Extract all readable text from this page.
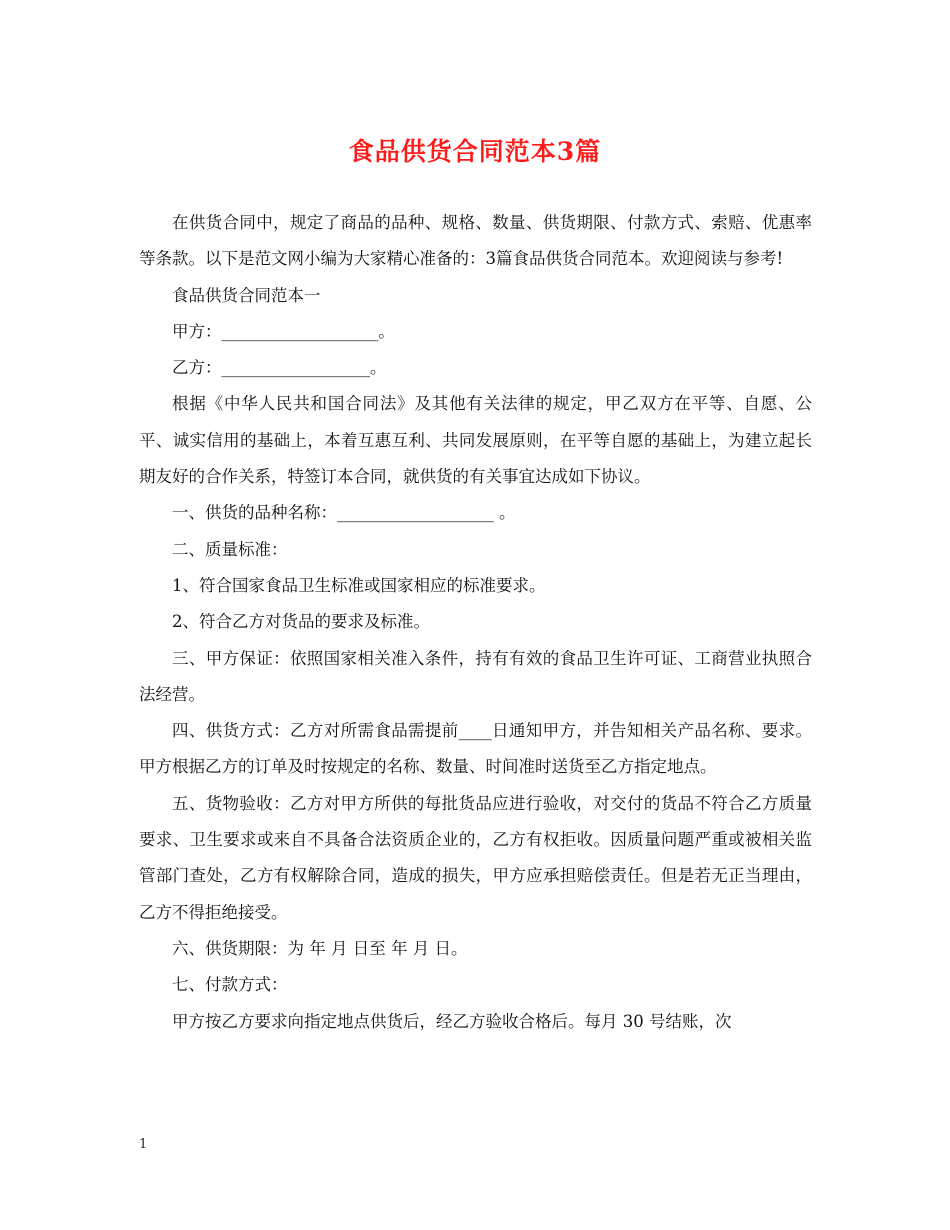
食品供货合同范本3篇

在供货合同中，规定了商品的品种、规格、数量、供货期限、付款方式、索赔、优惠率等条款。以下是范文网小编为大家精心准备的：3篇食品供货合同范本。欢迎阅读与参考!

食品供货合同范本一

甲方：___________________。

乙方：__________________。

根据《中华人民共和国合同法》及其他有关法律的规定，甲乙双方在平等、自愿、公平、诚实信用的基础上，本着互惠互利、共同发展原则，在平等自愿的基础上，为建立起长期友好的合作关系，特签订本合同，就供货的有关事宜达成如下协议。

一、供货的品种名称：___________________ 。

二、质量标准：

1、符合国家食品卫生标准或国家相应的标准要求。

2、符合乙方对货品的要求及标准。

三、甲方保证：依照国家相关准入条件，持有有效的食品卫生许可证、工商营业执照合法经营。

四、供货方式：乙方对所需食品需提前____日通知甲方，并告知相关产品名称、要求。甲方根据乙方的订单及时按规定的名称、数量、时间准时送货至乙方指定地点。

五、货物验收：乙方对甲方所供的每批货品应进行验收，对交付的货品不符合乙方质量要求、卫生要求或来自不具备合法资质企业的，乙方有权拒收。因质量问题严重或被相关监管部门查处，乙方有权解除合同，造成的损失，甲方应承担赔偿责任。但是若无正当理由，乙方不得拒绝接受。

六、供货期限：为 年 月 日至 年 月 日。

七、付款方式：

甲方按乙方要求向指定地点供货后，经乙方验收合格后。每月 30 号结账，次

1
